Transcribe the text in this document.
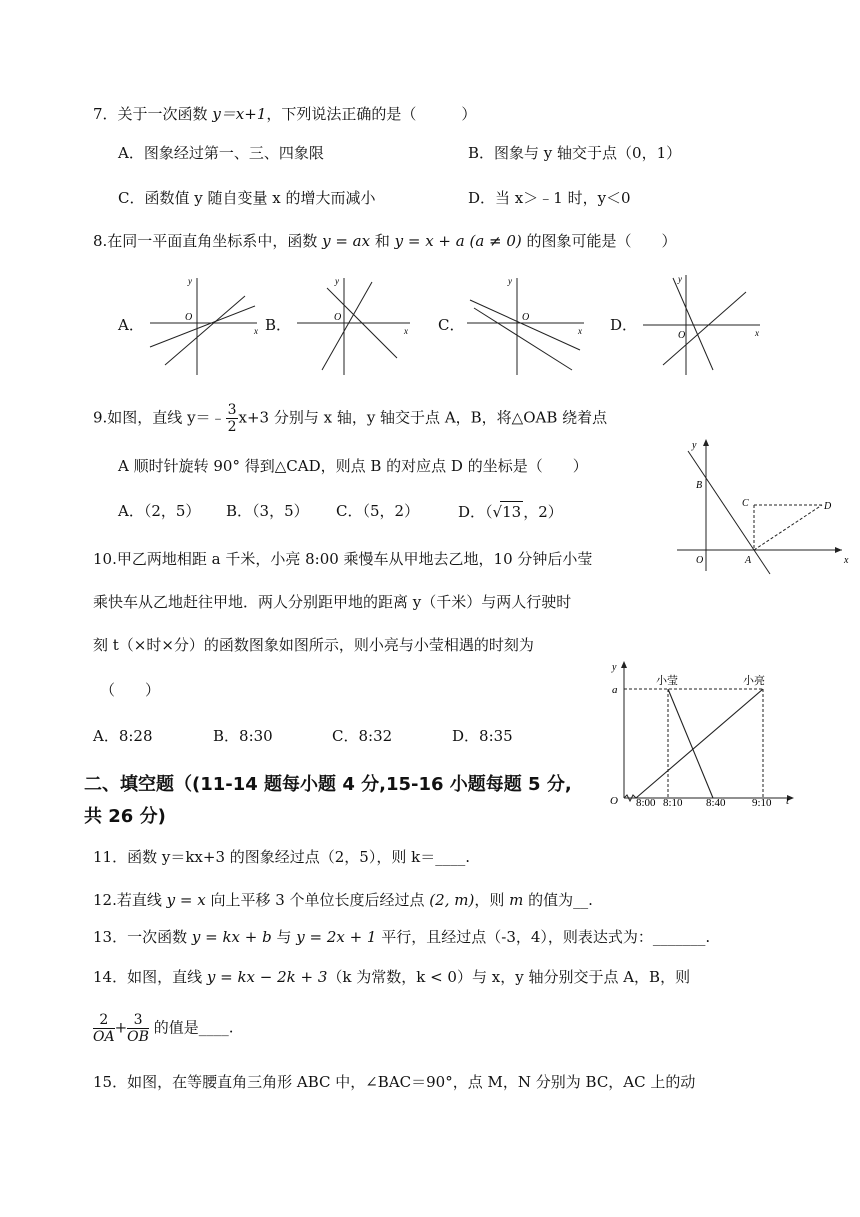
7．关于一次函数 y＝x+1，下列说法正确的是（　　　）
A．图象经过第一、三、四象限	B．图象与 y 轴交于点（0，1）
C．函数值 y 随自变量 x 的增大而减小	D．当 x＞﹣1 时，y＜0
8.在同一平面直角坐标系中，函数 y = ax 和 y = x + a (a ≠ 0) 的图象可能是（　　）
A．	B．	C．	D．
y
O
x
y
O
x
y
O
x
y
O	x
9.如图，直线 y＝﹣ $\frac{3}{2} x+3$ 分别与 x 轴，y 轴交于点 A，B，将△OAB 绕着点
A 顺时针旋转 90° 得到△CAD，则点 B 的对应点 D 的坐标是（　　）
A．（2，5） B．（3，5） C．（5，2）	D．（√13 ，2）
y
x
B
C	D
O	A
10.甲乙两地相距 a 千米，小亮 8:00 乘慢车从甲地去乙地，10 分钟后小莹
乘快车从乙地赶往甲地．两人分别距甲地的距离 y（千米）与两人行驶时
刻 t（×时×分）的函数图象如图所示，则小亮与小莹相遇的时刻为
（　　）
A．8:28	B．8:30	C．8:32	D．8:35
y
a
小莹	小亮
O 8:00 8:10 8:40 9:10 t
二、填空题（(11-14 题每小题 4 分,15-16 小题每题 5 分,
共 26 分)
11．函数 y＝kx+3 的图象经过点（2，5），则 k＝____.
12.若直线 y = x 向上平移 3 个单位长度后经过点 (2, m)，则 m 的值为__.
13．一次函数 y = kx + b 与 y = 2x + 1 平行，且经过点（-3，4），则表达式为：_______.
14．如图，直线 y = kx − 2k + 3（k 为常数，k < 0）与 x，y 轴分别交于点 A，B，则
$\frac{2}{OA} + \frac{3}{OB}$ 的值是____.
15．如图，在等腰直角三角形 ABC 中，∠BAC＝90°，点 M，N 分别为 BC，AC 上的动
